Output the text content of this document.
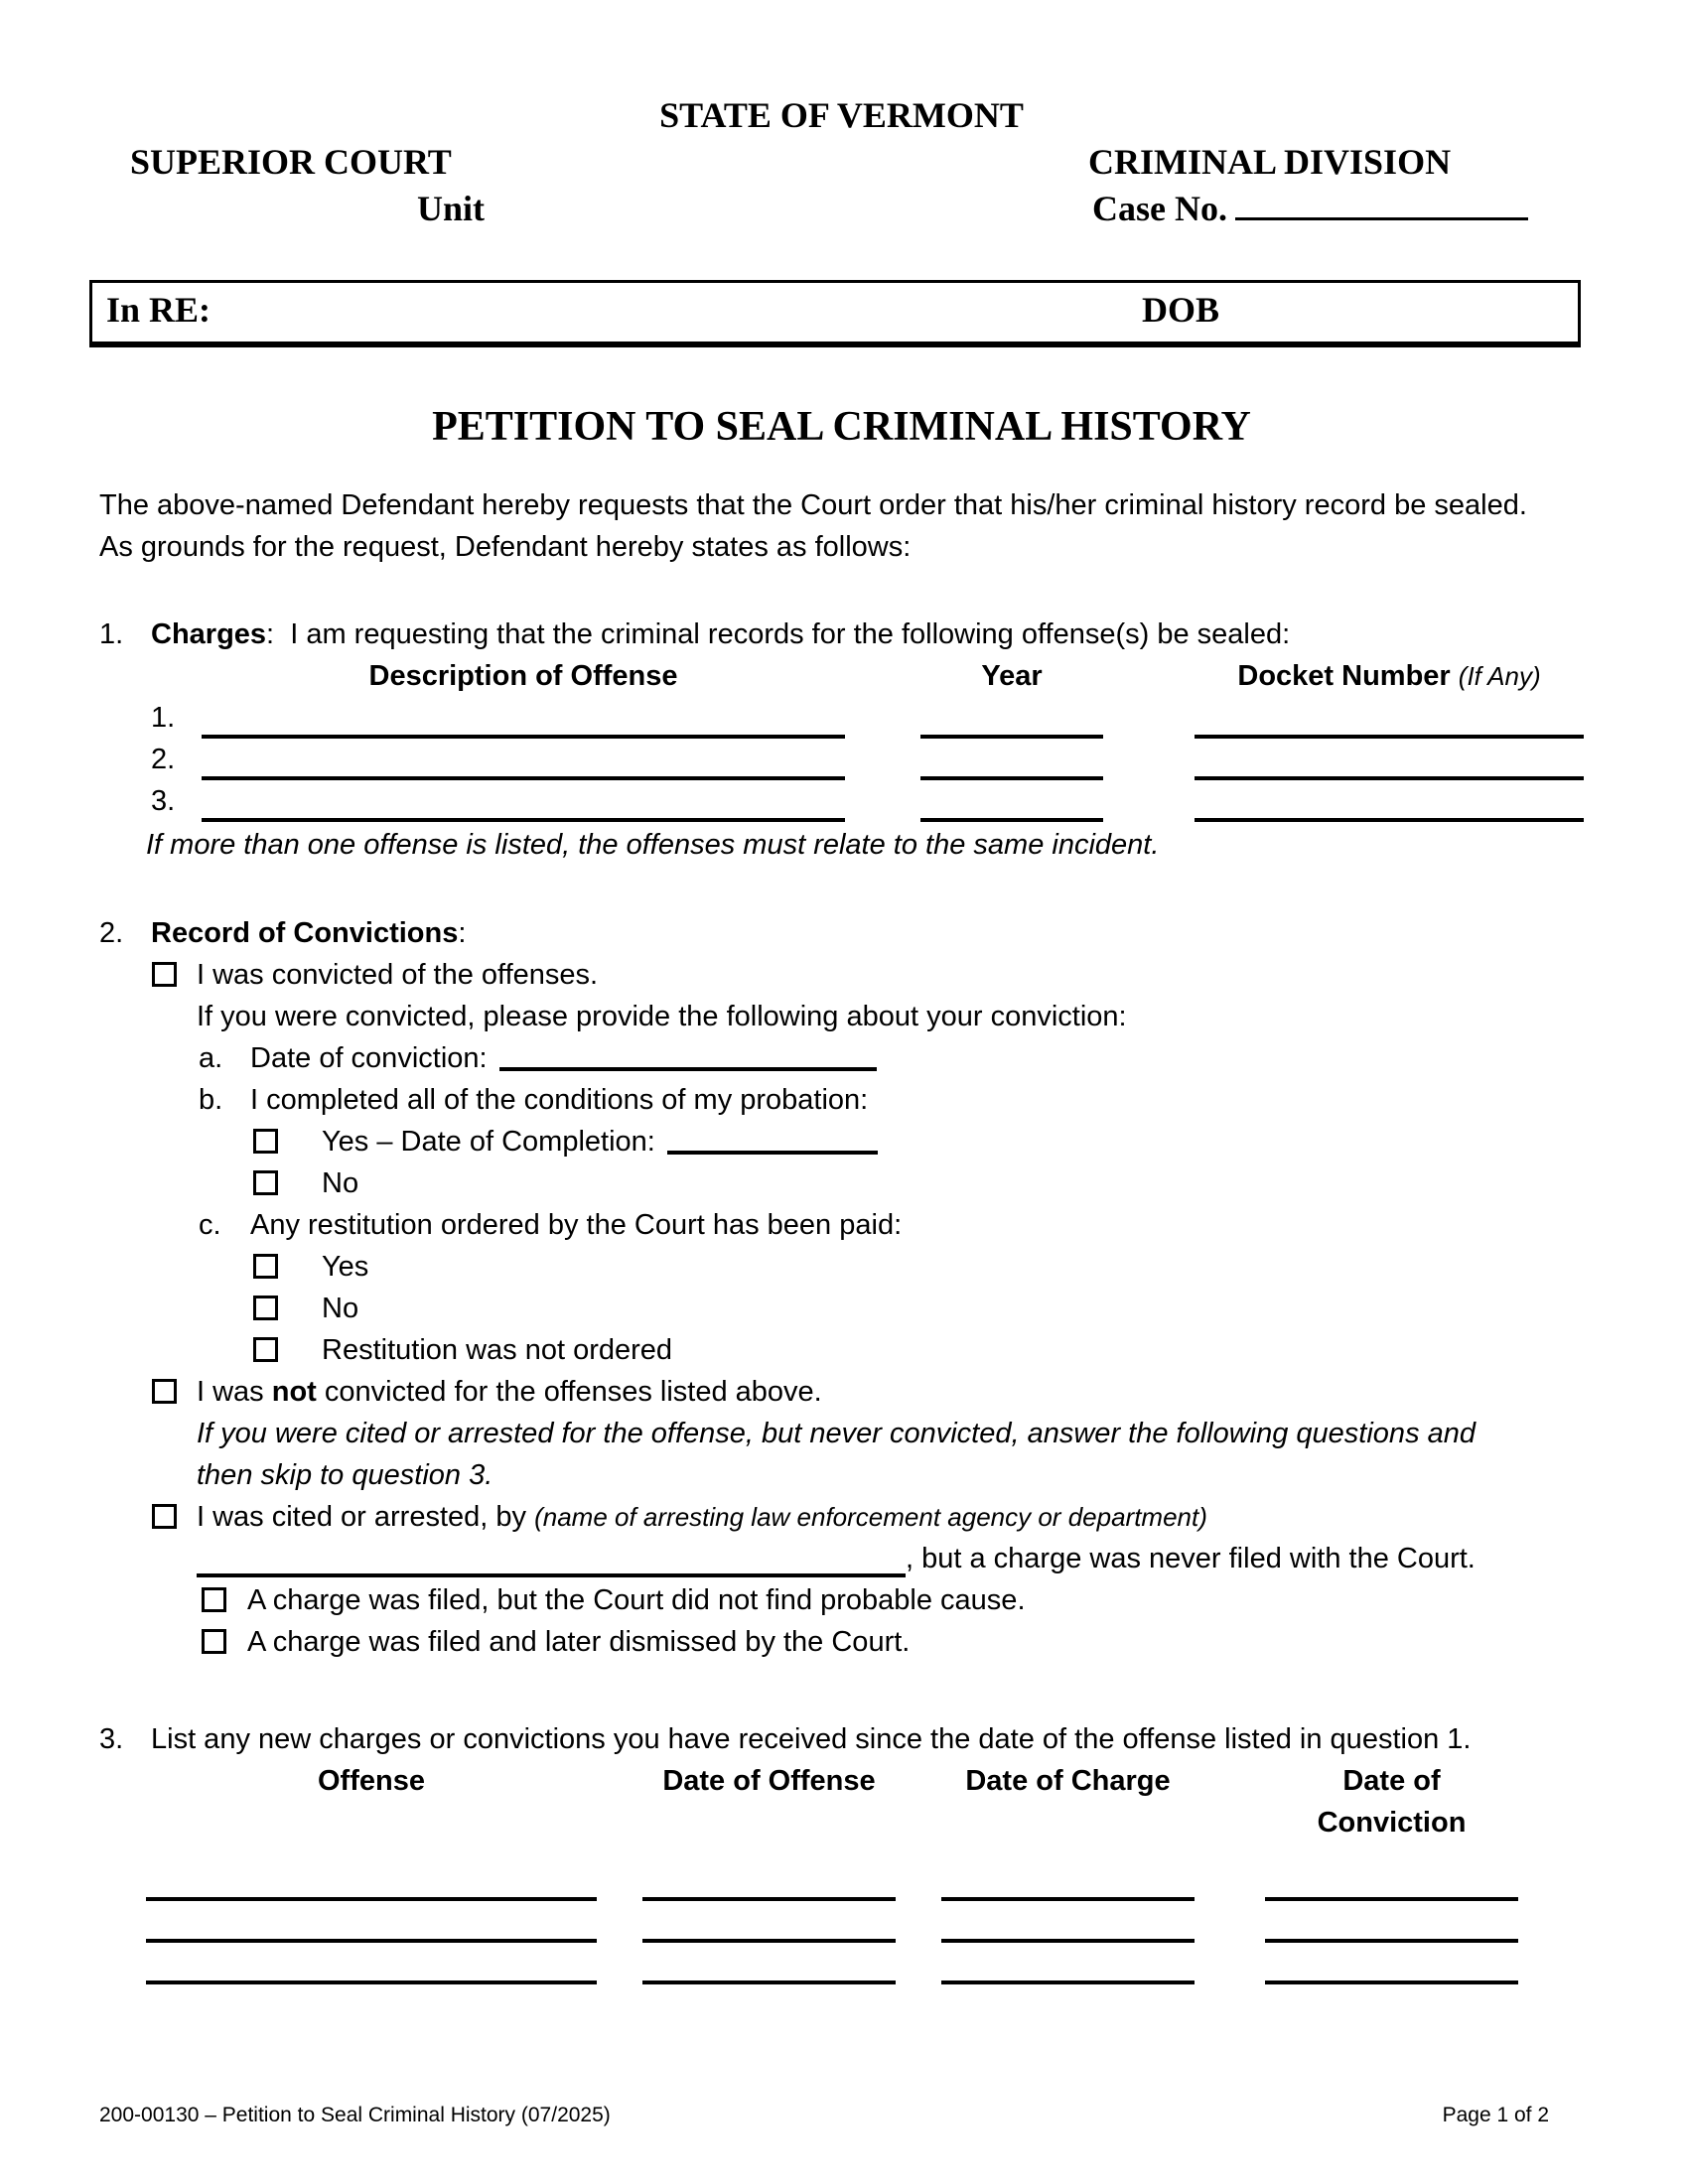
STATE OF VERMONT
SUPERIOR COURT	CRIMINAL DIVISION
Unit	Case No.
In RE:	DOB
PETITION TO SEAL CRIMINAL HISTORY
The above-named Defendant hereby requests that the Court order that his/her criminal history record be sealed.
As grounds for the request, Defendant hereby states as follows:
1. Charges:  I am requesting that the criminal records for the following offense(s) be sealed:
Description of Offense	Year	Docket Number (If Any)
1.
2.
3.
If more than one offense is listed, the offenses must relate to the same incident.
2. Record of Convictions:
I was convicted of the offenses.
If you were convicted, please provide the following about your conviction:
a. Date of conviction:
b. I completed all of the conditions of my probation:
Yes – Date of Completion:
No
c.	Any restitution ordered by the Court has been paid:
Yes
No
Restitution was not ordered
I was not convicted for the offenses listed above.
If you were cited or arrested for the offense, but never convicted, answer the following questions and then skip to question 3.
I was cited or arrested, by (name of arresting law enforcement agency or department)
, but a charge was never filed with the Court.
A charge was filed, but the Court did not find probable cause.
A charge was filed and later dismissed by the Court.
3. List any new charges or convictions you have received since the date of the offense listed in question 1.
Offense	Date of Offense	Date of Charge	Date of Conviction
200-00130 – Petition to Seal Criminal History (07/2025)	Page 1 of 2
